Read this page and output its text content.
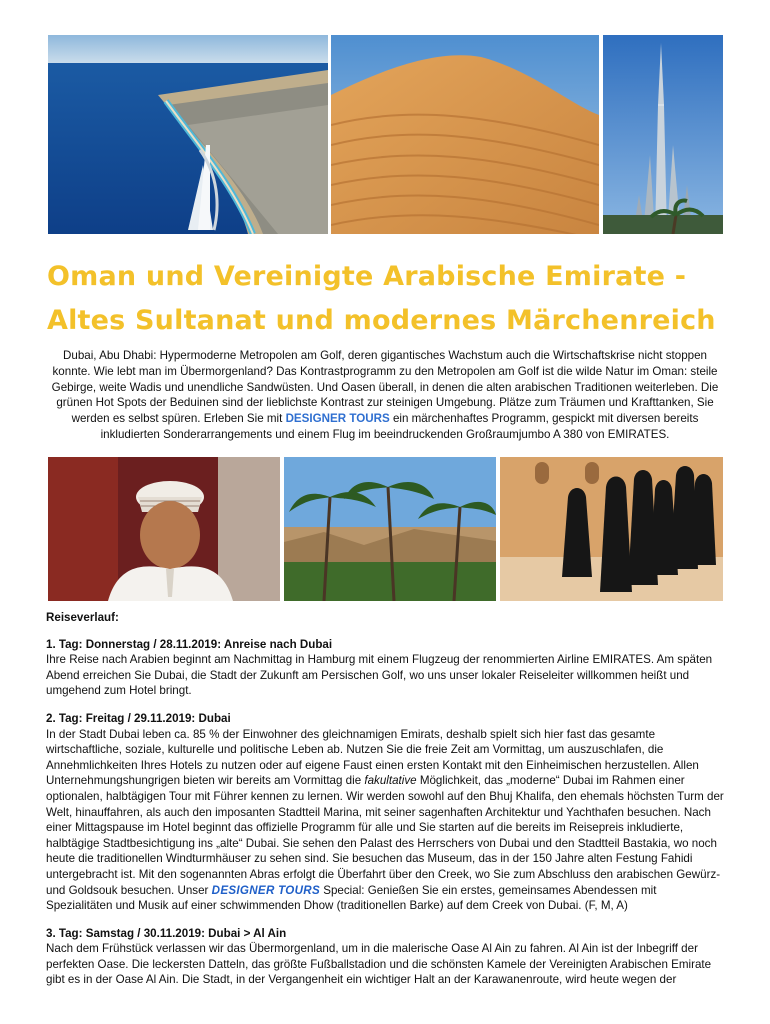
Oman und Vereinigte Arabische Emirate -
Altes Sultanat und modernes Märchenreich
Dubai, Abu Dhabi: Hypermoderne Metropolen am Golf, deren gigantisches Wachstum auch die Wirtschaftskrise nicht stoppen konnte. Wie lebt man im Übermorgenland? Das Kontrastprogramm zu den Metropolen am Golf ist die wilde Natur im Oman: steile Gebirge, weite Wadis und unendliche Sandwüsten. Und Oasen überall, in denen die alten arabischen Traditionen weiterleben. Die grünen Hot Spots der Beduinen sind der lieblichste Kontrast zur steinigen Umgebung. Plätze zum Träumen und Krafttanken, Sie werden es selbst spüren. Erleben Sie mit DESIGNER TOURS ein märchenhaftes Programm, gespickt mit diversen bereits inkludierten Sonderarrangements und einem Flug im beeindruckenden Großraumjumbo A 380 von EMIRATES.

Reiseverlauf:

1. Tag: Donnerstag / 28.11.2019: Anreise nach Dubai

Ihre Reise nach Arabien beginnt am Nachmittag in Hamburg mit einem Flugzeug der renommierten Airline EMIRATES. Am späten Abend erreichen Sie Dubai, die Stadt der Zukunft am Persischen Golf, wo uns unser lokaler Reiseleiter willkommen heißt und umgehend zum Hotel bringt.

2. Tag: Freitag / 29.11.2019: Dubai

In der Stadt Dubai leben ca. 85 % der Einwohner des gleichnamigen Emirats, deshalb spielt sich hier fast das gesamte wirtschaftliche, soziale, kulturelle und politische Leben ab. Nutzen Sie die freie Zeit am Vormittag, um auszuschlafen, die Annehmlichkeiten Ihres Hotels zu nutzen oder auf eigene Faust einen ersten Kontakt mit den Einheimischen herzustellen. Allen Unternehmungshungrigen bieten wir bereits am Vormittag die fakultative Möglichkeit, das „moderne“ Dubai im Rahmen einer optionalen, halbtägigen Tour mit Führer kennen zu lernen. Wir werden sowohl auf den Bhuj Khalifa, den ehemals höchsten Turm der Welt, hinauffahren, als auch den imposanten Stadtteil Marina, mit seiner sagenhaften Architektur und Yachthafen besuchen. Nach einer Mittagspause im Hotel beginnt das offizielle Programm für alle und Sie starten auf die bereits im Reisepreis inkludierte, halbtägige Stadtbesichtigung ins „alte“ Dubai. Sie sehen den Palast des Herrschers von Dubai und den Stadtteil Bastakia, wo noch heute die traditionellen Windturmhäuser zu sehen sind. Sie besuchen das Museum, das in der 150 Jahre alten Festung Fahidi untergebracht ist. Mit den sogenannten Abras erfolgt die Überfahrt über den Creek, wo Sie zum Abschluss den arabischen Gewürz- und Goldsouk besuchen. Unser DESIGNER TOURS Special: Genießen Sie ein erstes, gemeinsames Abendessen mit Spezialitäten und Musik auf einer schwimmenden Dhow (traditionellen Barke) auf dem Creek von Dubai. (F, M, A)

3. Tag: Samstag / 30.11.2019: Dubai > Al Ain

Nach dem Frühstück verlassen wir das Übermorgenland, um in die malerische Oase Al Ain zu fahren. Al Ain ist der Inbegriff der perfekten Oase. Die leckersten Datteln, das größte Fußballstadion und die schönsten Kamele der Vereinigten Arabischen Emirate gibt es in der Oase Al Ain. Die Stadt, in der Vergangenheit ein wichtiger Halt an der Karawanenroute, wird heute wegen der
